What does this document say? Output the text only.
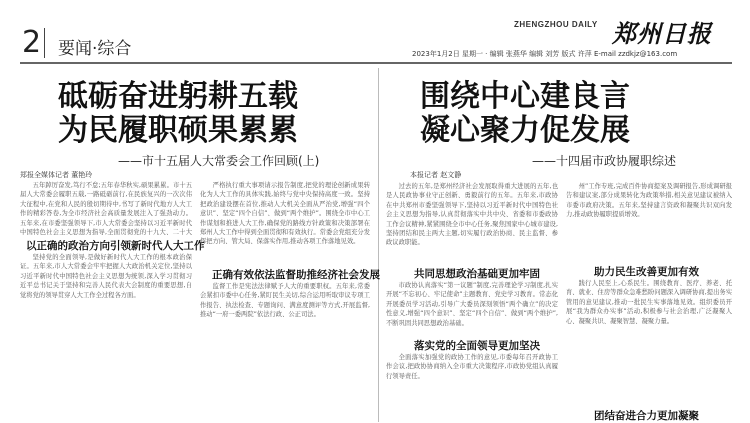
2 要闻·综合
ZHENGZHOU DAILY 郑州日报
2023年1月2日 星期一 · 编辑 张燕华 编辑 刘芳 版式 许萍 E-mail zzdkjz@163.com
砥砺奋进躬耕五载
为民履职硕果累累
——市十五届人大常委会工作回顾(上)
郑报全媒体记者 董艳玲

五年踔厉奋发,笃行不怠;五年春华秋实,硕果累累。市十五届人大常委会履职五载,一路砥砺前行,在民族复兴的一次次伟大征程中,在党和人民的殷切期待中,书写了新时代地方人大工作的精彩答卷,为全市经济社会高质量发展注入了强劲动力。五年来,在市委坚强领导下,市人大常委会坚持以习近平新时代中国特色社会主义思想为指导,全面贯彻党的十九大、二十大

以正确的政治方向引领新时代人大工作

坚持党的全面领导,是做好新时代人大工作的根本政治保证。五年来,市人大常委会牢牢把握人大政治机关定位,坚持以习近平新时代中国特色社会主义思想为统领,深入学习贯彻习近平总书记关于坚持和完善人民代表大会制度的重要思想,自觉将党的领导贯穿人大工作全过程各方面。

严格执行重大事项请示报告制度,把党的理论创新成果转化为人大工作的具体实践,始终与党中央保持高度一致。坚持把政治建设摆在首位,推动人大机关全面从严治党,增强“四个意识”、坚定“四个自信”、做到“两个维护”。围绕全市中心工作谋划和推进人大工作,确保党的路线方针政策和决策部署在郑州人大工作中得到全面贯彻和有效执行。常委会党组充分发挥把方向、管大局、保落实作用,推动各项工作落地见效。

正确有效依法监督助推经济社会发展

监督工作是宪法法律赋予人大的重要职权。五年来,常委会紧扣市委中心任务,紧盯民生关切,综合运用听取审议专项工作报告、执法检查、专题询问、满意度测评等方式,开展监督,推动“一府一委两院”依法行政、公正司法。

围绕中心建良言
凝心聚力促发展
——十四届市政协履职综述
本报记者 赵文静

过去的五年,是郑州经济社会发展取得重大进展的五年,也是人民政协事业守正创新、勇毅前行的五年。五年来,市政协在中共郑州市委坚强领导下,坚持以习近平新时代中国特色社会主义思想为指导,认真贯彻落实中共中央、省委和市委政协工作会议精神,紧紧围绕全市中心任务,聚焦国家中心城市建设,坚持团结和民主两大主题,切实履行政治协商、民主监督、参政议政职能。

共同思想政治基础更加牢固

市政协认真落实“第一议题”制度,完善理论学习制度,扎实开展“不忘初心、牢记使命”主题教育、党史学习教育。常态化开展委员学习活动,引导广大委员深刻领悟“两个确立”的决定性意义,增强“四个意识”、坚定“四个自信”、做到“两个维护”,不断巩固共同思想政治基础。

落实党的全面领导更加坚决

全面落实加强党的政协工作的意见,市委每年召开政协工作会议,把政协协商纳入全市重大决策程序,市政协党组认真履行领导责任。

州”工作专班,完成百件协商提案及调研报告,形成调研报告和建议案,部分成果转化为政策举措,相关意见建议被纳入市委市政府决策。五年来,坚持建言资政和凝聚共识双向发力,推动政协履职提质增效。

助力民生改善更加有效

践行人民至上,心系民生。围绕教育、医疗、养老、托育、就业、住房等群众急难愁盼问题深入调研协商,提出务实管用的意见建议,推动一批民生实事落地见效。组织委员开展“我为群众办实事”活动,积极参与社会治理,广泛凝聚人心、凝聚共识、凝聚智慧、凝聚力量。

团结奋进合力更加凝聚
